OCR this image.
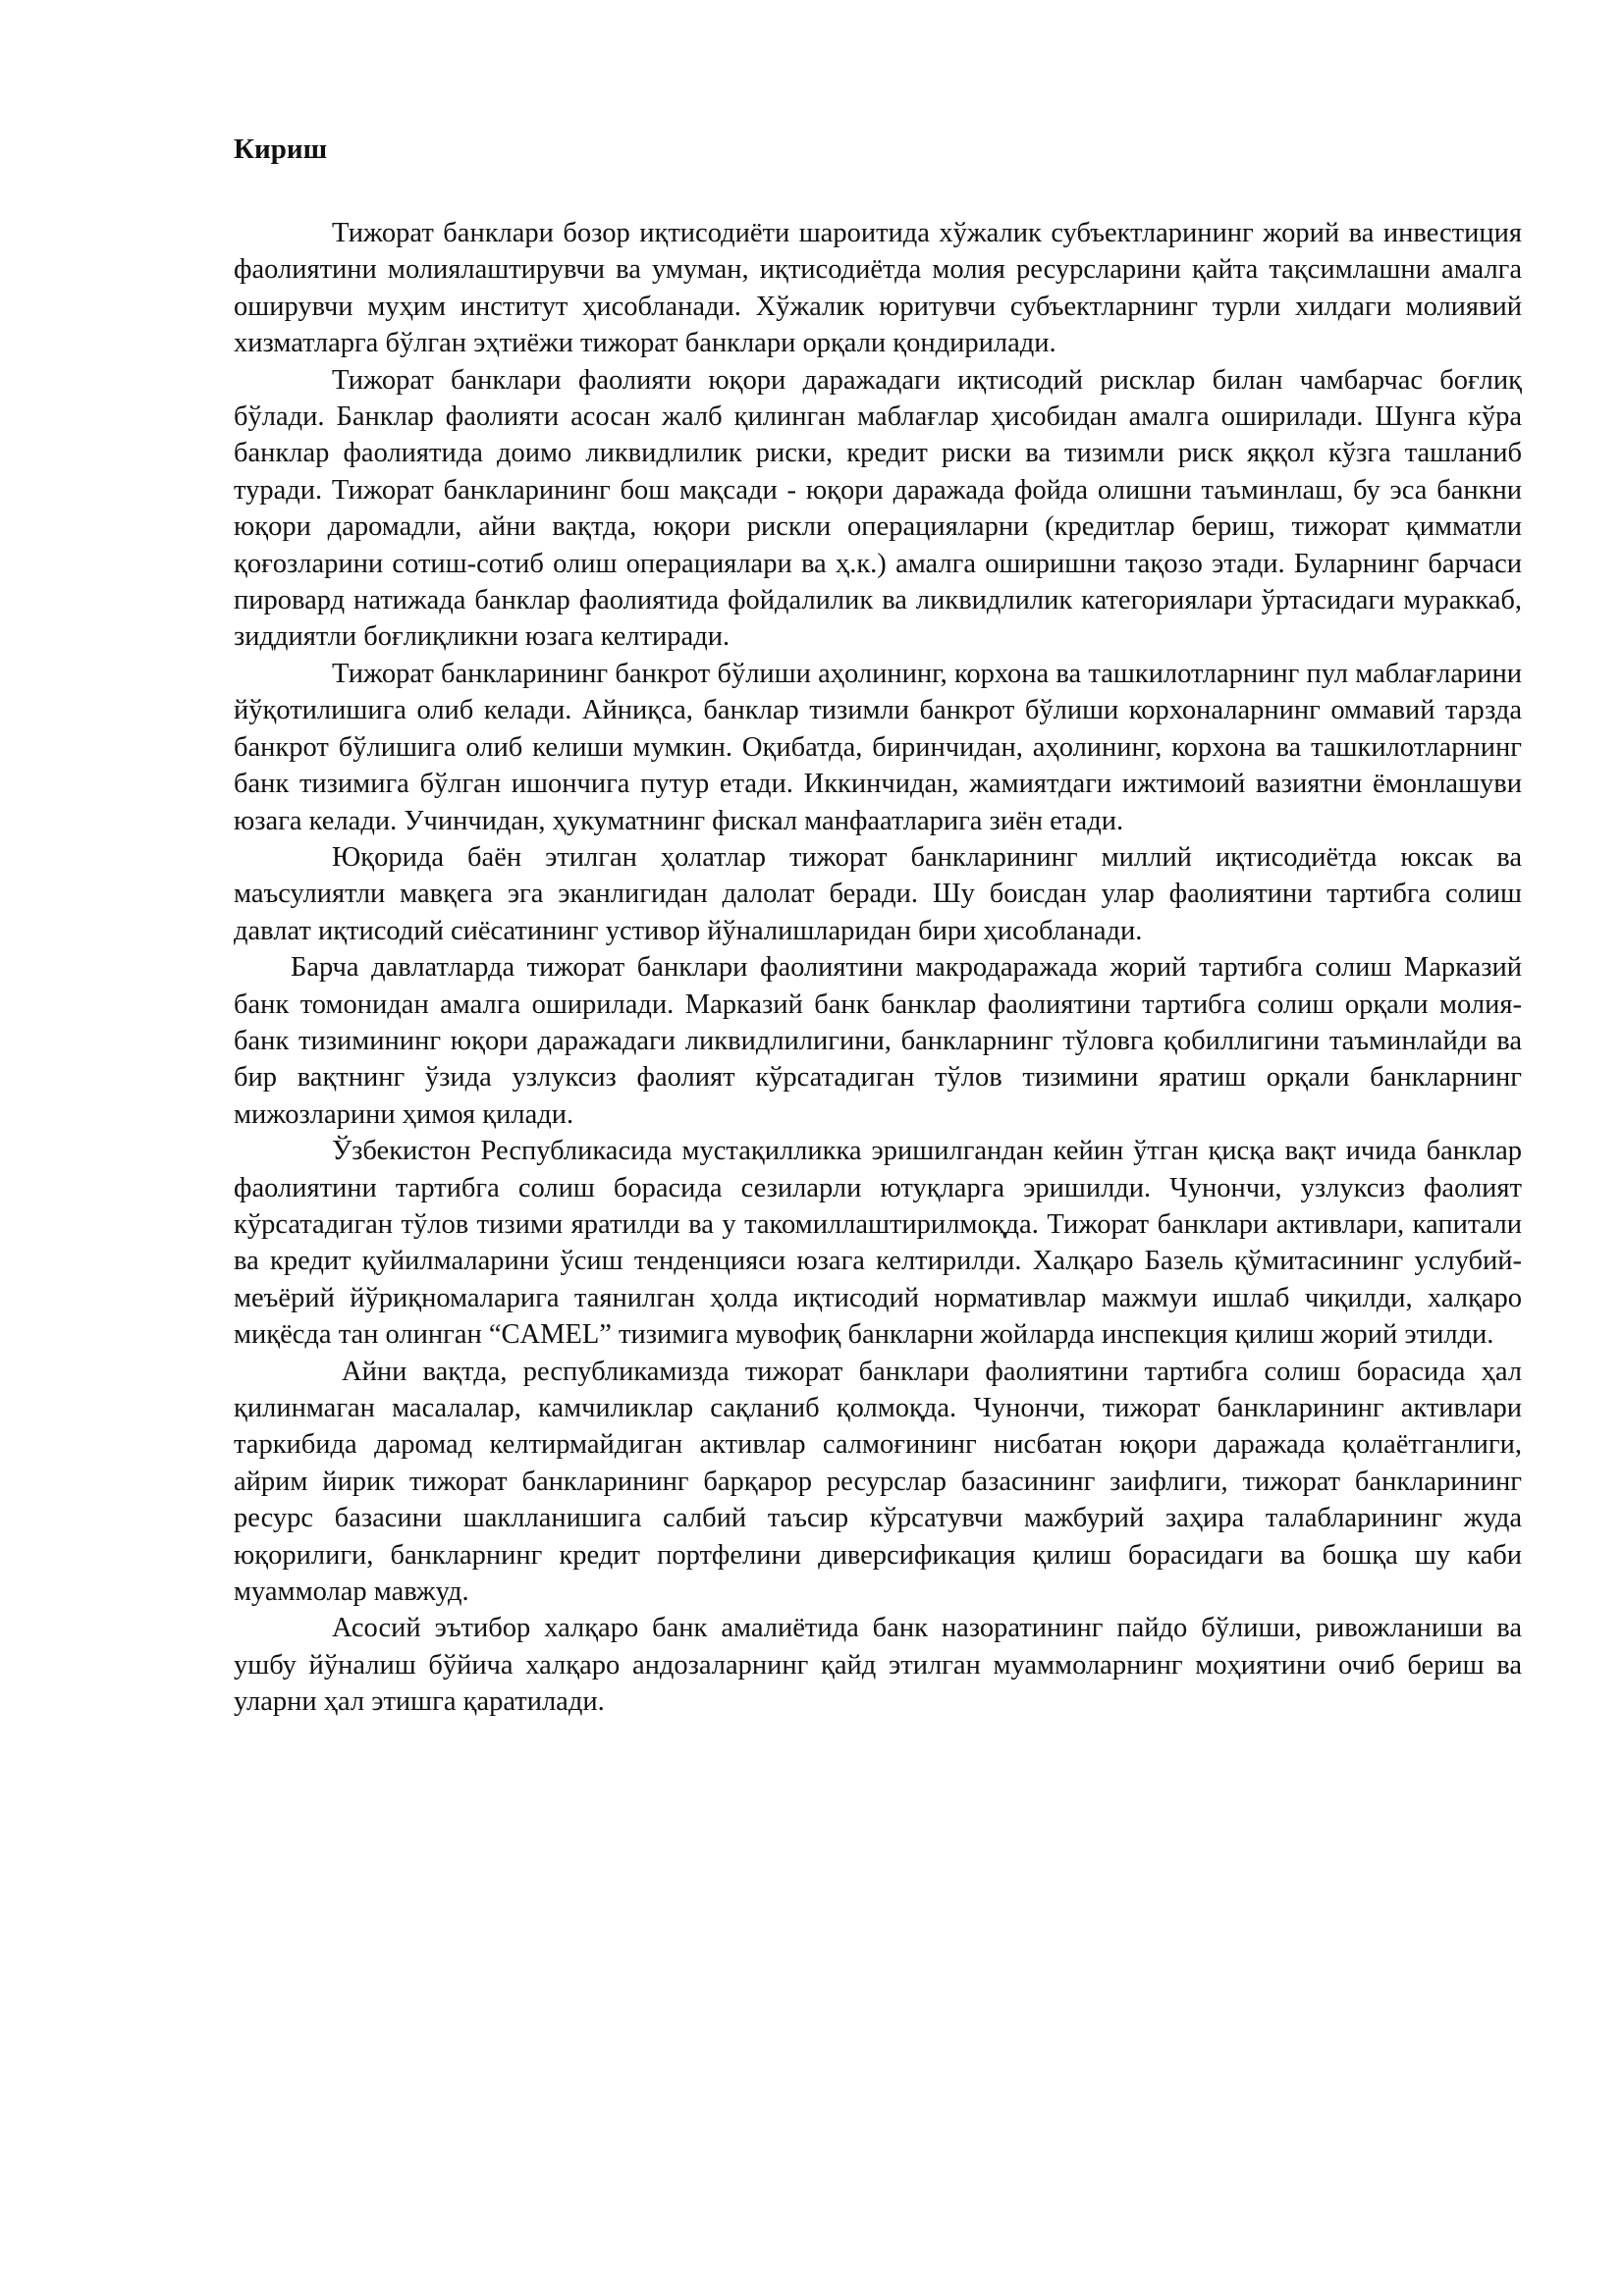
Кириш

Тижорат банклари бозор иқтисодиёти шароитида хўжалик субъектларининг жорий ва инвестиция фаолиятини молиялаштирувчи ва умуман, иқтисодиётда молия ресурсларини қайта тақсимлашни амалга оширувчи муҳим институт ҳисобланади. Хўжалик юритувчи субъектларнинг турли хилдаги молиявий хизматларга бўлган эҳтиёжи тижорат банклари орқали қондирилади.

Тижорат банклари фаолияти юқори даражадаги иқтисодий рисклар билан чамбарчас боғлиқ бўлади. Банклар фаолияти асосан жалб қилинган маблағлар ҳисобидан амалга оширилади. Шунга кўра банклар фаолиятида доимо ликвидлилик риски, кредит риски ва тизимли риск яққол кўзга ташланиб туради. Тижорат банкларининг бош мақсади - юқори даражада фойда олишни таъминлаш, бу эса банкни юқори даромадли, айни вақтда, юқори рискли операцияларни (кредитлар бериш, тижорат қимматли қоғозларини сотиш-сотиб олиш операциялари ва ҳ.к.) амалга оширишни тақозо этади. Буларнинг барчаси пировард натижада банклар фаолиятида фойдалилик ва ликвидлилик категориялари ўртасидаги мураккаб, зиддиятли боғлиқликни юзага келтиради.

Тижорат банкларининг банкрот бўлиши аҳолининг, корхона ва ташкилотларнинг пул маблағларини йўқотилишига олиб келади. Айниқса, банклар тизимли банкрот бўлиши корхоналарнинг оммавий тарзда банкрот бўлишига олиб келиши мумкин. Оқибатда, биринчидан, аҳолининг, корхона ва ташкилотларнинг банк тизимига бўлган ишончига путур етади. Иккинчидан, жамиятдаги ижтимоий вазиятни ёмонлашуви юзага келади. Учинчидан, ҳукуматнинг фискал манфаатларига зиён етади.

Юқорида баён этилган ҳолатлар тижорат банкларининг миллий иқтисодиётда юксак ва маъсулиятли мавқега эга эканлигидан далолат беради. Шу боисдан улар фаолиятини тартибга солиш давлат иқтисодий сиёсатининг устивор йўналишларидан бири ҳисобланади.

Барча давлатларда тижорат банклари фаолиятини макродаражада жорий тартибга солиш Марказий банк томонидан амалга оширилади. Марказий банк банклар фаолиятини тартибга солиш орқали молия-банк тизимининг юқори даражадаги ликвидлилигини, банкларнинг тўловга қобиллигини таъминлайди ва бир вақтнинг ўзида узлуксиз фаолият кўрсатадиган тўлов тизимини яратиш орқали банкларнинг мижозларини ҳимоя қилади.

Ўзбекистон Республикасида мустақилликка эришилгандан кейин ўтган қисқа вақт ичида банклар фаолиятини тартибга солиш борасида сезиларли ютуқларга эришилди. Чунончи, узлуксиз фаолият кўрсатадиган тўлов тизими яратилди ва у такомиллаштирилмоқда. Тижорат банклари активлари, капитали ва кредит қуйилмаларини ўсиш тенденцияси юзага келтирилди. Халқаро Базель қўмитасининг услубий-меъёрий йўриқномаларига таянилган ҳолда иқтисодий нормативлар мажмуи ишлаб чиқилди, халқаро миқёсда тан олинган “CAMEL” тизимига мувофиқ банкларни жойларда инспекция қилиш жорий этилди.

Айни вақтда, республикамизда тижорат банклари фаолиятини тартибга солиш борасида ҳал қилинмаган масалалар, камчиликлар сақланиб қолмоқда. Чунончи, тижорат банкларининг активлари таркибида даромад келтирмайдиган активлар салмоғининг нисбатан юқори даражада қолаётганлиги, айрим йирик тижорат банкларининг барқарор ресурслар базасининг заифлиги, тижорат банкларининг ресурс базасини шаклланишига салбий таъсир кўрсатувчи мажбурий заҳира талабларининг жуда юқорилиги, банкларнинг кредит портфелини диверсификация қилиш борасидаги ва бошқа шу каби муаммолар мавжуд.

Асосий эътибор халқаро банк амалиётида банк назоратининг пайдо бўлиши, ривожланиши ва ушбу йўналиш бўйича халқаро андозаларнинг қайд этилган муаммоларнинг моҳиятини очиб бериш ва уларни ҳал этишга қаратилади.
